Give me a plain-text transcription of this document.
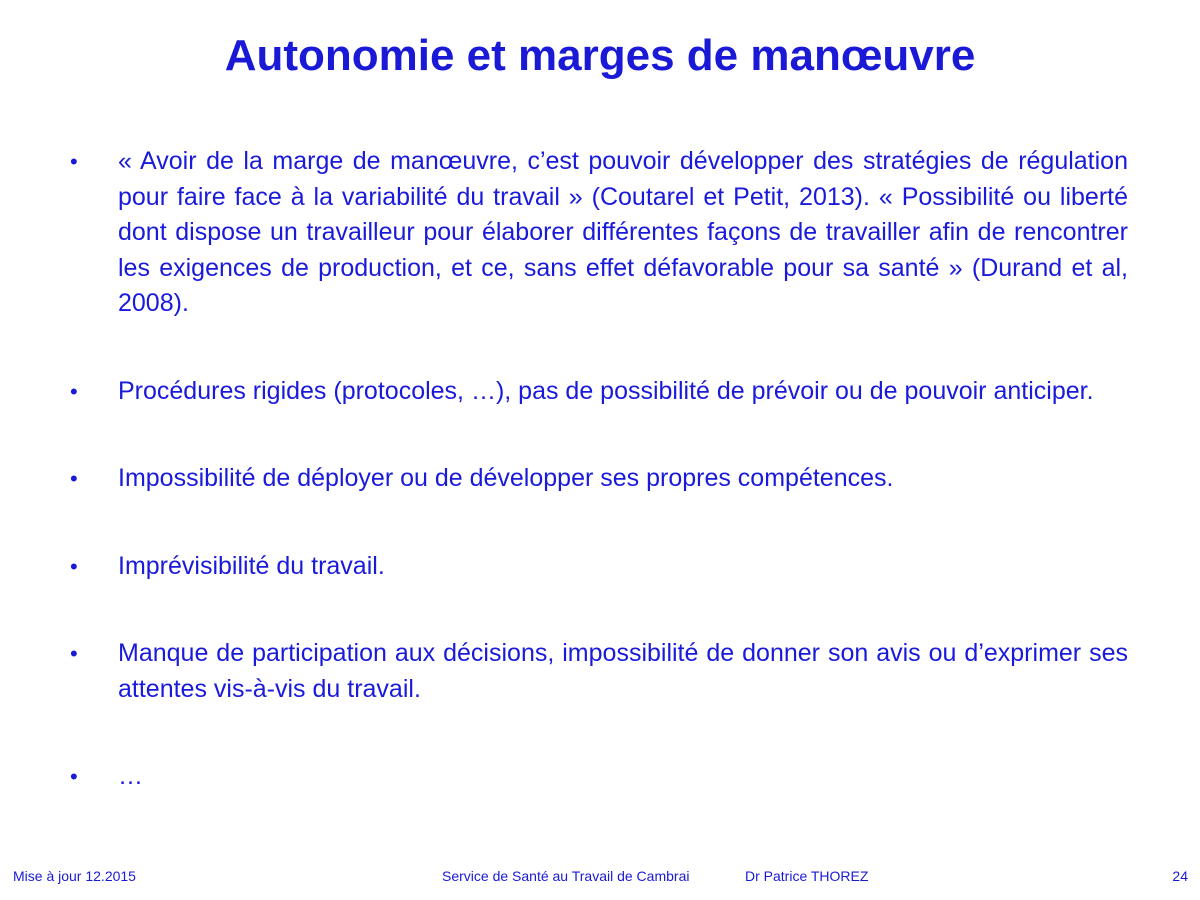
Autonomie et marges de manœuvre
•	« Avoir de la marge de manœuvre, c’est pouvoir développer des stratégies de régulation pour faire face à la variabilité du travail » (Coutarel et Petit, 2013). « Possibilité ou liberté dont dispose un travailleur pour élaborer différentes façons de travailler afin de rencontrer les exigences de production, et ce, sans effet défavorable pour sa santé » (Durand et al, 2008).

•	Procédures rigides (protocoles, …), pas de possibilité de prévoir ou de pouvoir anticiper.

•	Impossibilité de déployer ou de développer ses propres compétences.

•	Imprévisibilité du travail.

•	Manque de participation aux décisions, impossibilité de donner son avis ou d’exprimer ses attentes vis-à-vis du travail.

•	…

Mise à jour 12.2015	Service de Santé au Travail de Cambrai	Dr Patrice THOREZ	24
